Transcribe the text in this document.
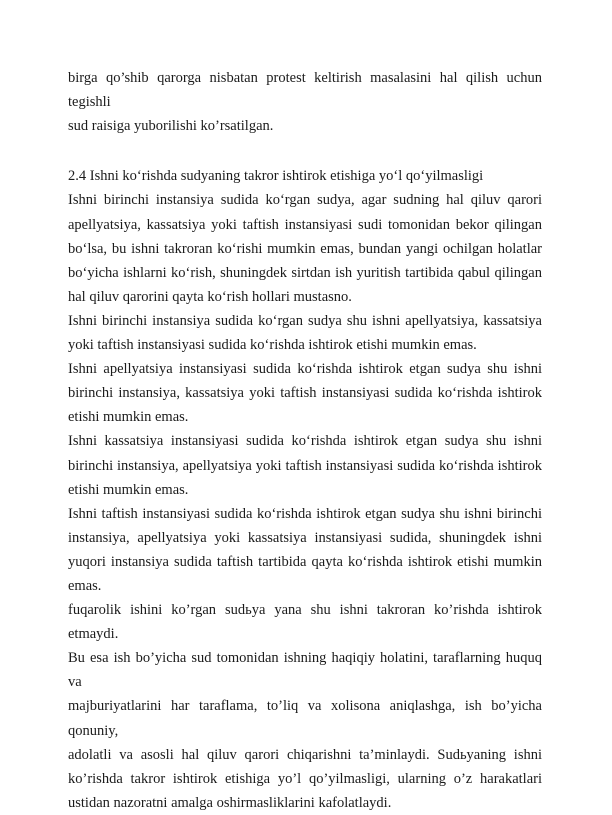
birga qo’shib qarorga nisbatan protest keltirish masalasini hal qilish uchun tegishli
sud raisiga yuborilishi ko’rsatilgan.
2.4 Ishni koʻrishda sudyaning takror ishtirok etishiga yoʻl qoʻyilmasligi
Ishni birinchi instansiya sudida koʻrgan sudya, agar sudning hal qiluv qarori
apellyatsiya, kassatsiya yoki taftish instansiyasi sudi tomonidan bekor qilingan
boʻlsa, bu ishni takroran koʻrishi mumkin emas, bundan yangi ochilgan holatlar
boʻyicha ishlarni koʻrish, shuningdek sirtdan ish yuritish tartibida qabul qilingan
hal qiluv qarorini qayta koʻrish hollari mustasno.
Ishni birinchi instansiya sudida koʻrgan sudya shu ishni apellyatsiya, kassatsiya
yoki taftish instansiyasi sudida koʻrishda ishtirok etishi mumkin emas.
Ishni apellyatsiya instansiyasi sudida koʻrishda ishtirok etgan sudya shu ishni
birinchi instansiya, kassatsiya yoki taftish instansiyasi sudida koʻrishda ishtirok
etishi mumkin emas.
Ishni kassatsiya instansiyasi sudida koʻrishda ishtirok etgan sudya shu ishni
birinchi instansiya, apellyatsiya yoki taftish instansiyasi sudida koʻrishda ishtirok
etishi mumkin emas.
Ishni taftish instansiyasi sudida koʻrishda ishtirok etgan sudya shu ishni birinchi
instansiya, apellyatsiya yoki kassatsiya instansiyasi sudida, shuningdek ishni
yuqori instansiya sudida taftish tartibida qayta koʻrishda ishtirok etishi mumkin
emas.
fuqarolik ishini ko’rgan sudьya yana shu ishni takroran ko’rishda ishtirok etmaydi.
Bu esa ish bo’yicha sud tomonidan ishning haqiqiy holatini, taraflarning huquq va
majburiyatlarini har taraflama, to’liq va xolisona aniqlashga, ish bo’yicha qonuniy,
adolatli va asosli hal qiluv qarori chiqarishni ta’minlaydi. Sudьyaning ishni
ko’rishda takror ishtirok etishiga yo’l qo’yilmasligi, ularning o’z harakatlari
ustidan nazoratni amalga oshirmasliklarini kafolatlaydi.
